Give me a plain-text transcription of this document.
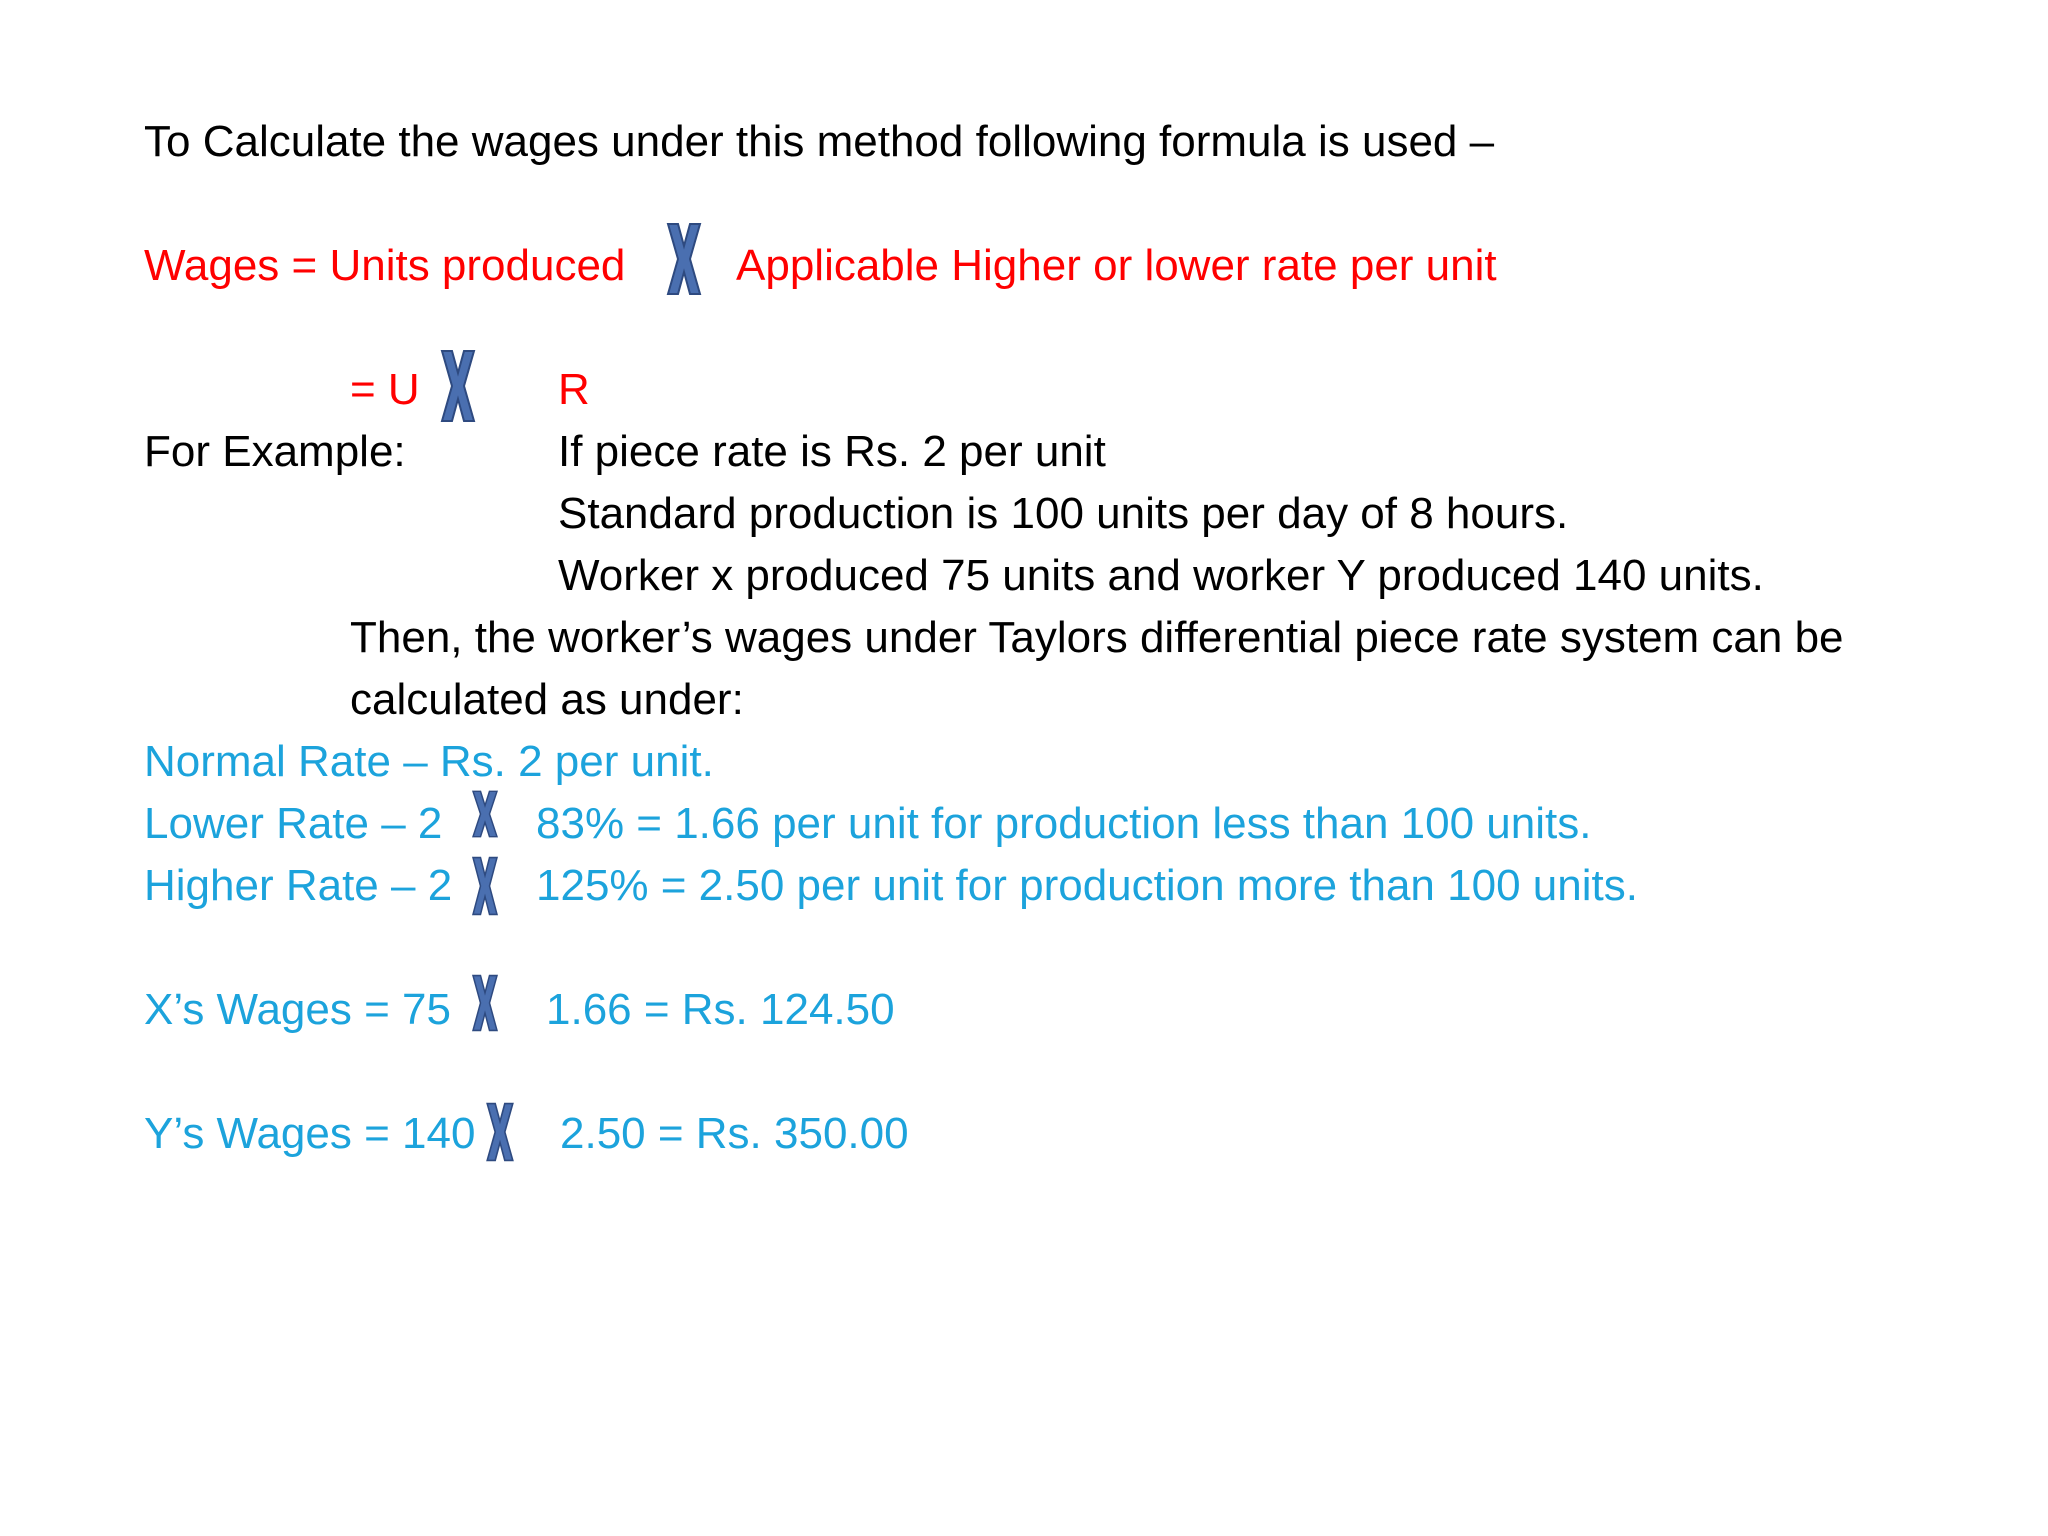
To Calculate the wages under this method following formula is used –
Wages = Units produced	Applicable Higher or lower rate per unit
= U	R
For Example:	If piece rate is Rs. 2 per unit
Standard production is 100 units per day of 8 hours.
Worker x produced 75 units and worker Y produced 140 units.
Then, the worker’s wages under Taylors differential piece rate system can be
calculated as under:
Normal Rate – Rs. 2 per unit.
Lower Rate – 2 83% = 1.66 per unit for production less than 100 units.
Higher Rate – 2 125% = 2.50 per unit for production more than 100 units.
X’s Wages = 75 1.66 = Rs. 124.50
Y’s Wages = 140 2.50 = Rs. 350.00
